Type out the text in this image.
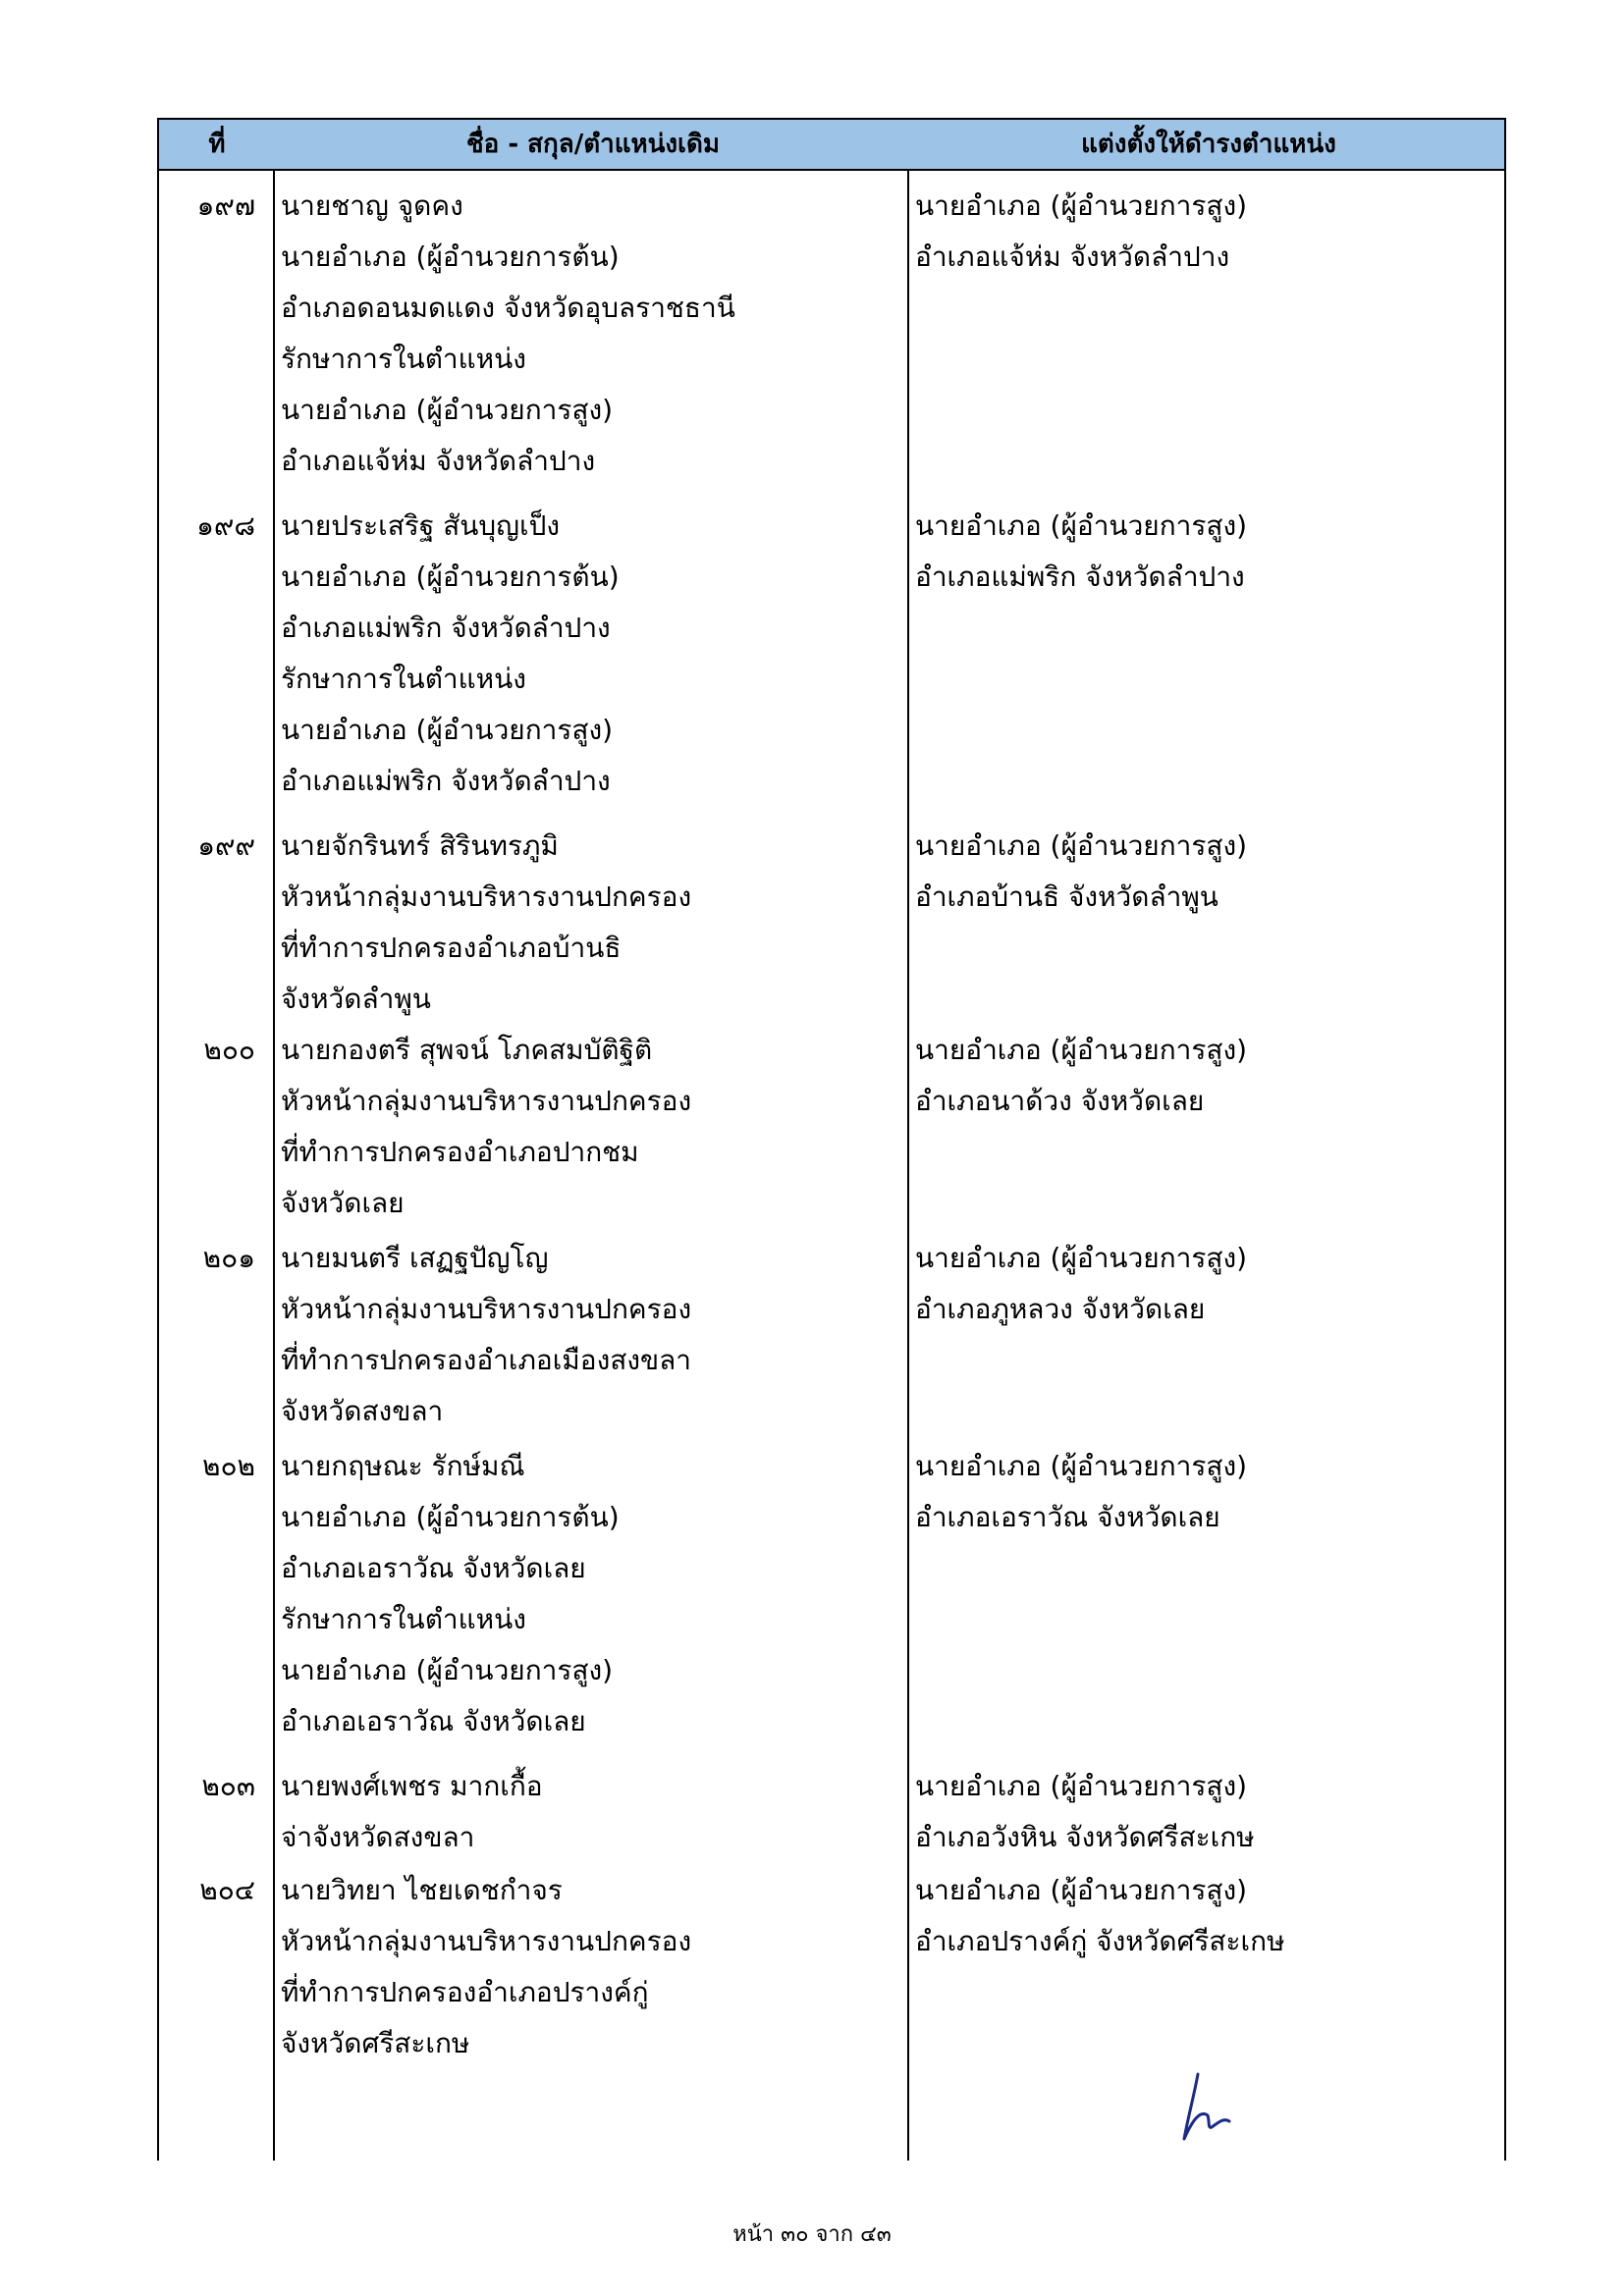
ที่	ชื่อ - สกุล/ตำแหน่งเดิม	แต่งตั้งให้ดำรงตำแหน่ง
๑๙๗ นายชาญ จูดคง
นายอำเภอ (ผู้อำนวยการต้น)
อำเภอดอนมดแดง จังหวัดอุบลราชธานี
รักษาการในตำแหน่ง
นายอำเภอ (ผู้อำนวยการสูง)
อำเภอแจ้ห่ม จังหวัดลำปาง
นายอำเภอ (ผู้อำนวยการสูง)
อำเภอแจ้ห่ม จังหวัดลำปาง
๑๙๘ นายประเสริฐ สันบุญเป็ง
นายอำเภอ (ผู้อำนวยการต้น)
อำเภอแม่พริก จังหวัดลำปาง
รักษาการในตำแหน่ง
นายอำเภอ (ผู้อำนวยการสูง)
อำเภอแม่พริก จังหวัดลำปาง
นายอำเภอ (ผู้อำนวยการสูง)
อำเภอแม่พริก จังหวัดลำปาง
๑๙๙ นายจักรินทร์ สิรินทรภูมิ
หัวหน้ากลุ่มงานบริหารงานปกครอง
ที่ทำการปกครองอำเภอบ้านธิ
จังหวัดลำพูน
นายอำเภอ (ผู้อำนวยการสูง)
อำเภอบ้านธิ จังหวัดลำพูน
๒๐๐ นายกองตรี สุพจน์ โภคสมบัติฐิติ
หัวหน้ากลุ่มงานบริหารงานปกครอง
ที่ทำการปกครองอำเภอปากชม
จังหวัดเลย
นายอำเภอ (ผู้อำนวยการสูง)
อำเภอนาด้วง จังหวัดเลย
๒๐๑ นายมนตรี เสฏฐปัญโญ
หัวหน้ากลุ่มงานบริหารงานปกครอง
ที่ทำการปกครองอำเภอเมืองสงขลา
จังหวัดสงขลา
นายอำเภอ (ผู้อำนวยการสูง)
อำเภอภูหลวง จังหวัดเลย
๒๐๒ นายกฤษณะ รักษ์มณี
นายอำเภอ (ผู้อำนวยการต้น)
อำเภอเอราวัณ จังหวัดเลย
รักษาการในตำแหน่ง
นายอำเภอ (ผู้อำนวยการสูง)
อำเภอเอราวัณ จังหวัดเลย
นายอำเภอ (ผู้อำนวยการสูง)
อำเภอเอราวัณ จังหวัดเลย
๒๐๓ นายพงศ์เพชร มากเกื้อ
จ่าจังหวัดสงขลา
นายอำเภอ (ผู้อำนวยการสูง)
อำเภอวังหิน จังหวัดศรีสะเกษ
๒๐๔ นายวิทยา ไชยเดชกำจร
หัวหน้ากลุ่มงานบริหารงานปกครอง
ที่ทำการปกครองอำเภอปรางค์กู่
จังหวัดศรีสะเกษ
นายอำเภอ (ผู้อำนวยการสูง)
อำเภอปรางค์กู่ จังหวัดศรีสะเกษ
หน้า ๓๐ จาก ๔๓
